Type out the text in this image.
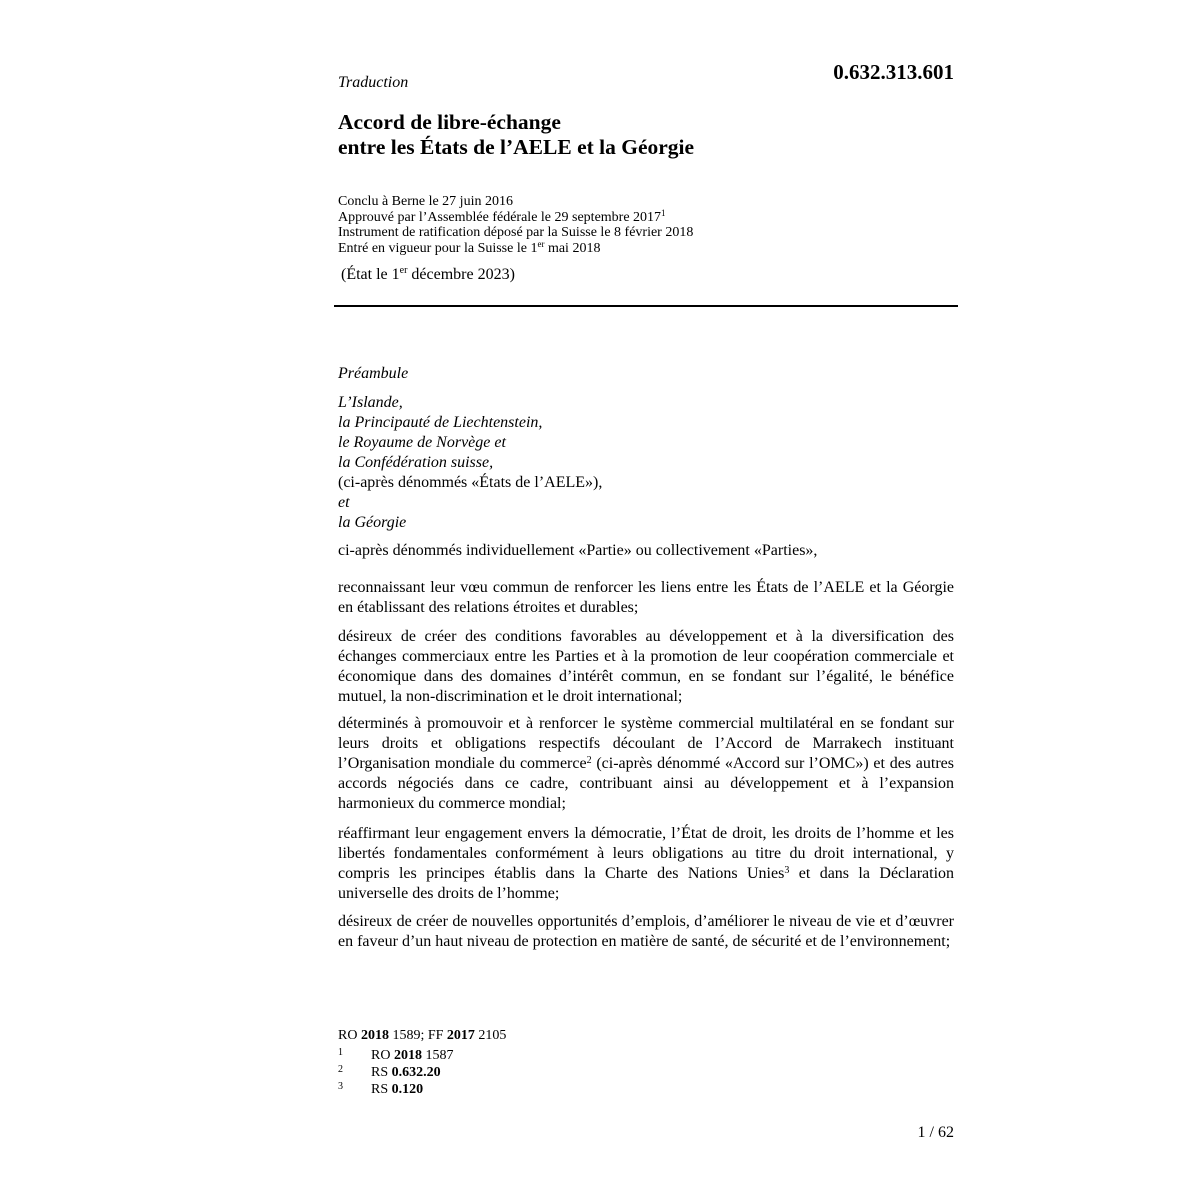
0.632.313.601
Traduction
Accord de libre-échange
entre les États de l’AELE et la Géorgie
Conclu à Berne le 27 juin 2016
Approuvé par l’Assemblée fédérale le 29 septembre 2017$^1$
Instrument de ratification déposé par la Suisse le 8 février 2018
Entré en vigueur pour la Suisse le 1er mai 2018
(État le 1er décembre 2023)

Préambule

L’Islande,

la Principauté de Liechtenstein,

le Royaume de Norvège et

la Confédération suisse,

(ci-après dénommés «États de l’AELE»),

et

la Géorgie

ci-après dénommés individuellement «Partie» ou collectivement «Parties»,

reconnaissant leur vœu commun de renforcer les liens entre les États de l’AELE et la Géorgie en établissant des relations étroites et durables;

désireux de créer des conditions favorables au développement et à la diversification des échanges commerciaux entre les Parties et à la promotion de leur coopération commerciale et économique dans des domaines d’intérêt commun, en se fondant sur l’égalité, le bénéfice mutuel, la non-discrimination et le droit international;

déterminés à promouvoir et à renforcer le système commercial multilatéral en se fondant sur leurs droits et obligations respectifs découlant de l’Accord de Marrakech instituant l’Organisation mondiale du commerce$^2$ (ci-après dénommé «Accord sur l’OMC») et des autres accords négociés dans ce cadre, contribuant ainsi au développement et à l’expansion harmonieux du commerce mondial;

réaffirmant leur engagement envers la démocratie, l’État de droit, les droits de l’homme et les libertés fondamentales conformément à leurs obligations au titre du droit international, y compris les principes établis dans la Charte des Nations Unies$^3$ et dans la Déclaration universelle des droits de l’homme;

désireux de créer de nouvelles opportunités d’emplois, d’améliorer le niveau de vie et d’œuvrer en faveur d’un haut niveau de protection en matière de santé, de sécurité et de l’environnement;

RO 2018 1589; FF 2017 2105
1 RO 2018 1587
2 RS 0.632.20
3 RS 0.120
1 / 62
